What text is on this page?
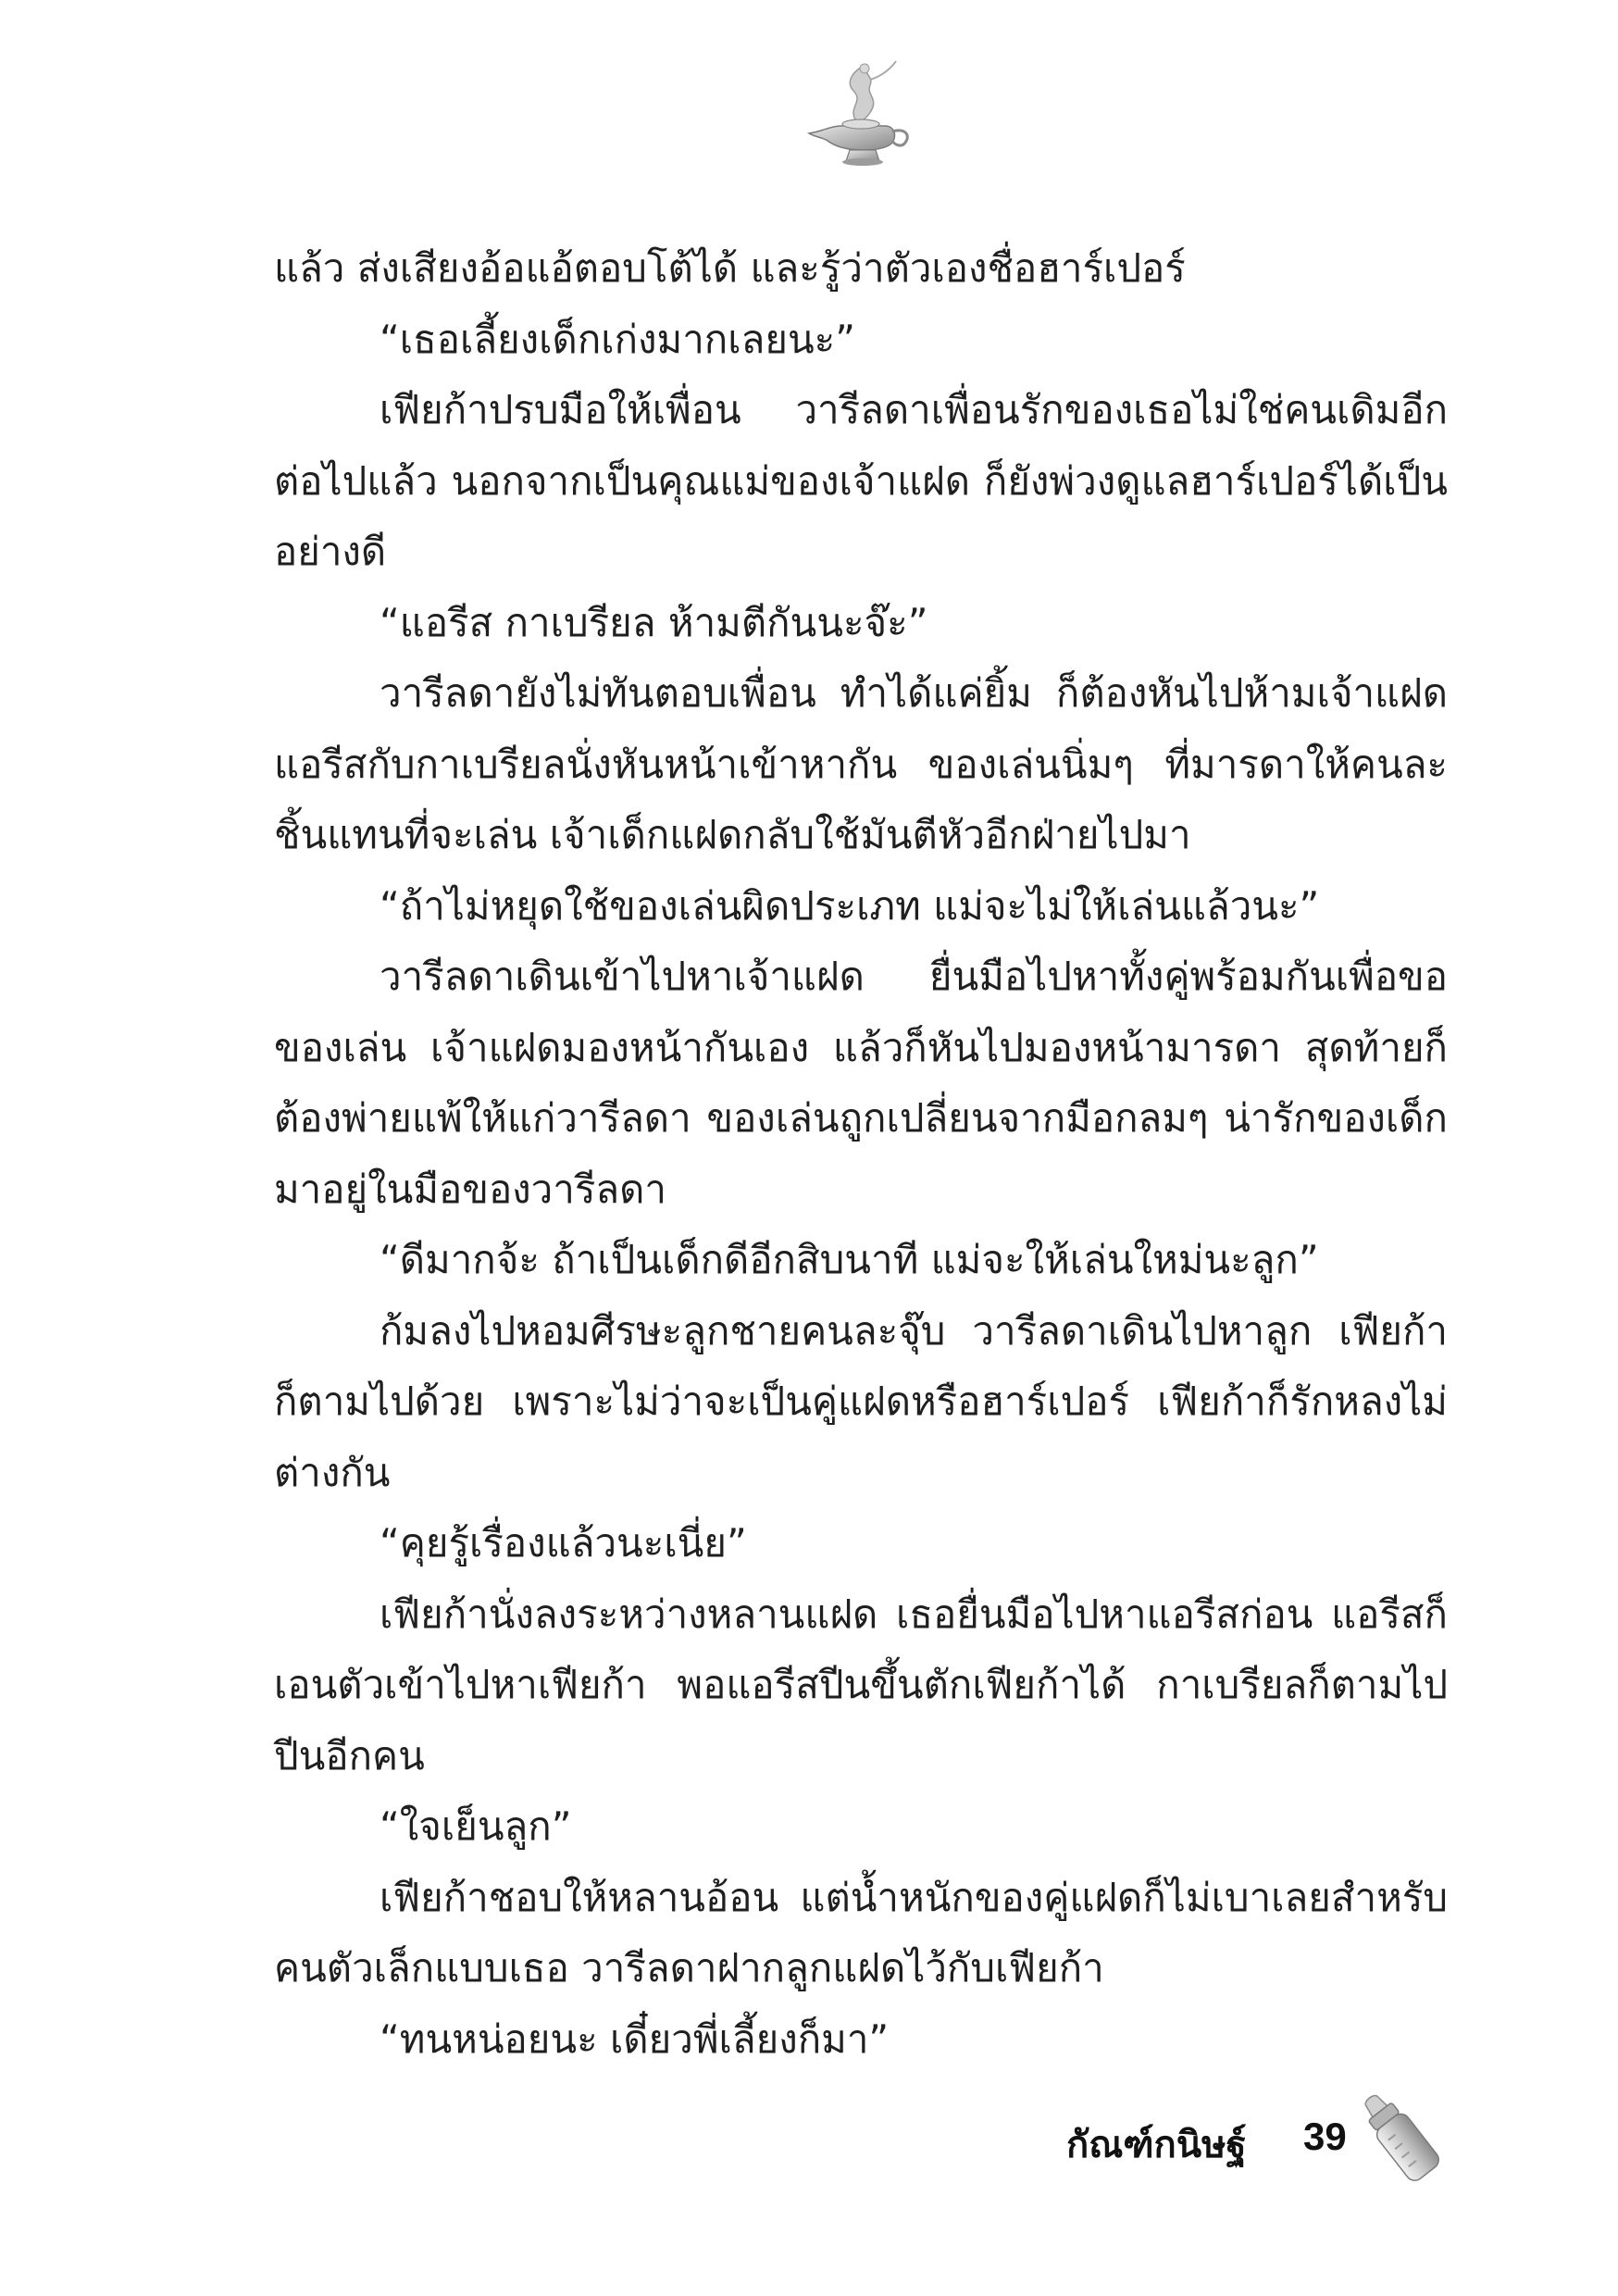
แล้ว ส่งเสียงอ้อแอ้ตอบโต้ได้ และรู้ว่าตัวเองชื่อฮาร์เปอร์

“เธอเลี้ยงเด็กเก่งมากเลยนะ”

เฟียก้าปรบมือให้เพื่อน วารีลดาเพื่อนรักของเธอไม่ใช่คนเดิมอีกต่อไปแล้ว นอกจากเป็นคุณแม่ของเจ้าแฝด ก็ยังพ่วงดูแลฮาร์เปอร์ได้เป็นอย่างดี

“แอรีส กาเบรียล ห้ามตีกันนะจ๊ะ”

วารีลดายังไม่ทันตอบเพื่อน ทำได้แค่ยิ้ม ก็ต้องหันไปห้ามเจ้าแฝดแอรีสกับกาเบรียลนั่งหันหน้าเข้าหากัน ของเล่นนิ่มๆ ที่มารดาให้คนละชิ้นแทนที่จะเล่น เจ้าเด็กแฝดกลับใช้มันตีหัวอีกฝ่ายไปมา

“ถ้าไม่หยุดใช้ของเล่นผิดประเภท แม่จะไม่ให้เล่นแล้วนะ”

วารีลดาเดินเข้าไปหาเจ้าแฝด ยื่นมือไปหาทั้งคู่พร้อมกันเพื่อขอของเล่น เจ้าแฝดมองหน้ากันเอง แล้วก็หันไปมองหน้ามารดา สุดท้ายก็ต้องพ่ายแพ้ให้แก่วารีลดา ของเล่นถูกเปลี่ยนจากมือกลมๆ น่ารักของเด็กมาอยู่ในมือของวารีลดา

“ดีมากจ้ะ ถ้าเป็นเด็กดีอีกสิบนาที แม่จะให้เล่นใหม่นะลูก”

ก้มลงไปหอมศีรษะลูกชายคนละจุ๊บ วารีลดาเดินไปหาลูก เฟียก้าก็ตามไปด้วย เพราะไม่ว่าจะเป็นคู่แฝดหรือฮาร์เปอร์ เฟียก้าก็รักหลงไม่ต่างกัน

“คุยรู้เรื่องแล้วนะเนี่ย”

เฟียก้านั่งลงระหว่างหลานแฝด เธอยื่นมือไปหาแอรีสก่อน แอรีสก็เอนตัวเข้าไปหาเฟียก้า พอแอรีสปีนขึ้นตักเฟียก้าได้ กาเบรียลก็ตามไปปีนอีกคน

“ใจเย็นลูก”

เฟียก้าชอบให้หลานอ้อน แต่น้ำหนักของคู่แฝดก็ไม่เบาเลยสำหรับคนตัวเล็กแบบเธอ วารีลดาฝากลูกแฝดไว้กับเฟียก้า

“ทนหน่อยนะ เดี๋ยวพี่เลี้ยงก็มา”

กัณฑ์กนิษฐ์ 39
